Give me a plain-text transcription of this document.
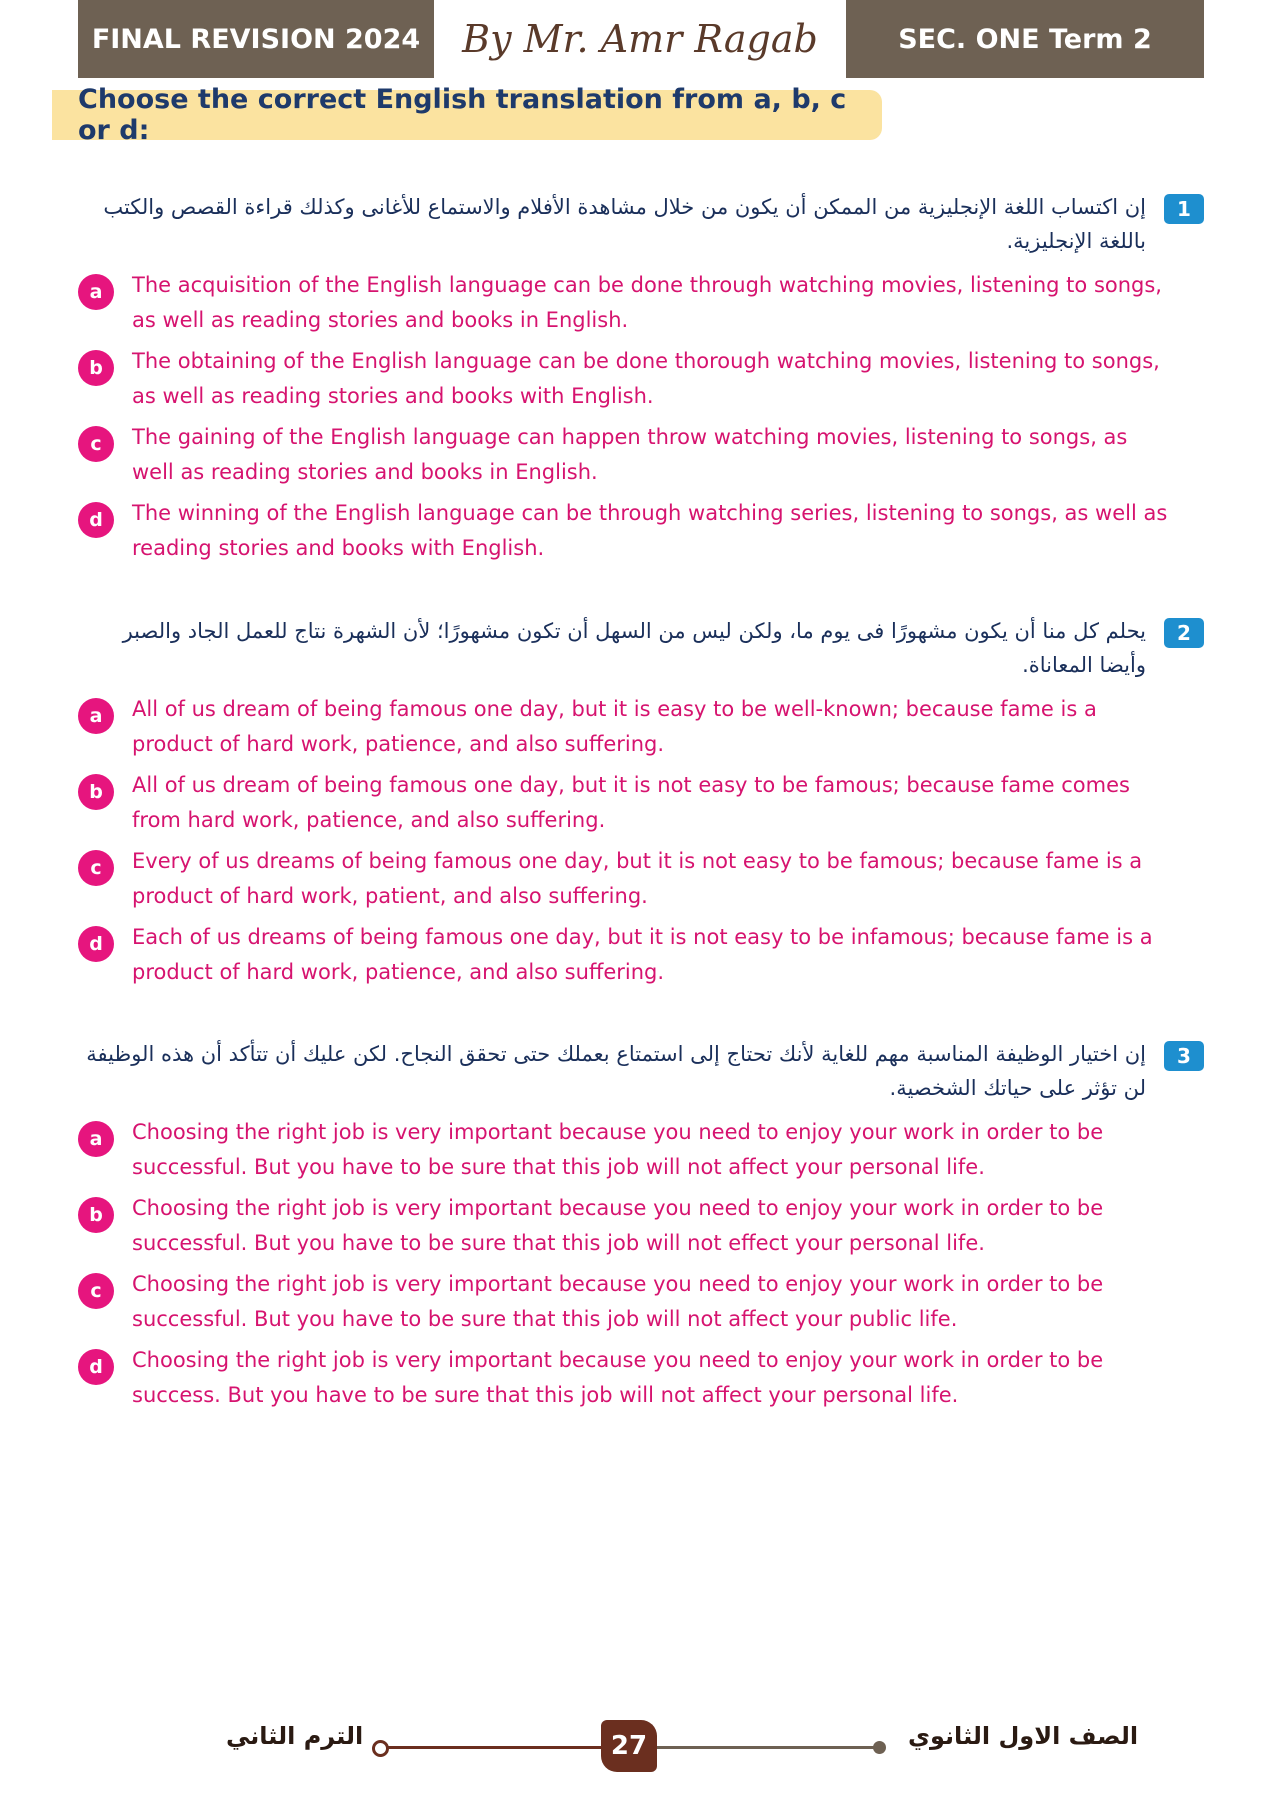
FINAL REVISION 2024	By Mr. Amr Ragab	SEC. ONE Term 2
Choose the correct English translation from a, b, c or d:
1
إن اكتساب اللغة الإنجليزية من الممكن أن يكون من خلال مشاهدة الأفلام والاستماع للأغانى وكذلك قراءة القصص والكتب باللغة الإنجليزية.
a	The acquisition of the English language can be done through watching movies, listening to songs, as well as reading stories and books in English.
b	The obtaining of the English language can be done thorough watching movies, listening to songs, as well as reading stories and books with English.
c	The gaining of the English language can happen throw watching movies, listening to songs, as well as reading stories and books in English.
d	The winning of the English language can be through watching series, listening to songs, as well as reading stories and books with English.
2
يحلم كل منا أن يكون مشهورًا فى يوم ما، ولكن ليس من السهل أن تكون مشهورًا؛ لأن الشهرة نتاج للعمل الجاد والصبر وأيضا المعاناة.
a	All of us dream of being famous one day, but it is easy to be well-known; because fame is a product of hard work, patience, and also suffering.
b	All of us dream of being famous one day, but it is not easy to be famous; because fame comes from hard work, patience, and also suffering.
c	Every of us dreams of being famous one day, but it is not easy to be famous; because fame is a product of hard work, patient, and also suffering.
d	Each of us dreams of being famous one day, but it is not easy to be infamous; because fame is a product of hard work, patience, and also suffering.
3
إن اختيار الوظيفة المناسبة مهم للغاية لأنك تحتاج إلى استمتاع بعملك حتى تحقق النجاح. لكن عليك أن تتأكد أن هذه الوظيفة لن تؤثر على حياتك الشخصية.
a	Choosing the right job is very important because you need to enjoy your work in order to be successful. But you have to be sure that this job will not affect your personal life.
b	Choosing the right job is very important because you need to enjoy your work in order to be successful. But you have to be sure that this job will not effect your personal life.
c	Choosing the right job is very important because you need to enjoy your work in order to be successful. But you have to be sure that this job will not affect your public life.
d	Choosing the right job is very important because you need to enjoy your work in order to be success. But you have to be sure that this job will not affect your personal life.
الترم الثاني	27	الصف الاول الثانوي
